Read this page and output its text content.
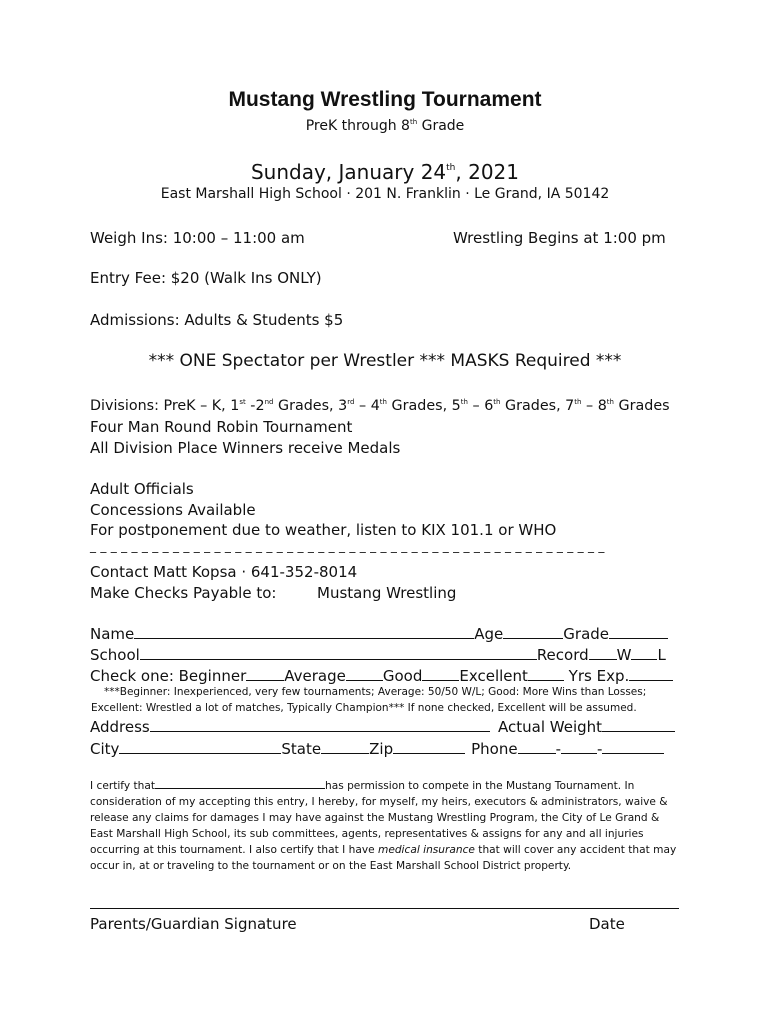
Mustang Wrestling Tournament
PreK through 8th Grade
Sunday, January 24th, 2021
East Marshall High School · 201 N. Franklin · Le Grand, IA 50142
Weigh Ins: 10:00 – 11:00 am	Wrestling Begins at 1:00 pm
Entry Fee: $20 (Walk Ins ONLY)
Admissions: Adults & Students $5
*** ONE Spectator per Wrestler *** MASKS Required ***
Divisions: PreK – K, 1st -2nd Grades, 3rd – 4th Grades, 5th – 6th Grades, 7th – 8th Grades
Four Man Round Robin Tournament
All Division Place Winners receive Medals
Adult Officials
Concessions Available
For postponement due to weather, listen to KIX 101.1 or WHO
_ _ _ _ _ _ _ _ _ _ _ _ _ _ _ _ _ _ _ _ _ _ _ _ _ _ _ _ _ _ _ _ _ _ _ _ _ _ _ _ _ _ _ _ _ _ _ _ _ _
Contact Matt Kopsa · 641-352-8014
Make Checks Payable to:	Mustang Wrestling
Name	Age	Grade
School	Record W L
Check one: Beginner	Average Good Excellent Yrs Exp.
***Beginner: Inexperienced, very few tournaments; Average: 50/50 W/L; Good: More Wins than Losses;
Excellent: Wrestled a lot of matches, Typically Champion*** If none checked, Excellent will be assumed.
Address	Actual Weight
City	State	Zip	Phone	- -
I certify that	has permission to compete in the Mustang Tournament. In consideration of my accepting this entry, I hereby, for myself, my heirs, executors & administrators, waive & release any claims for damages I may have against the Mustang Wrestling Program, the City of Le Grand & East Marshall High School, its sub committees, agents, representatives & assigns for any and all injuries occurring at this tournament. I also certify that I have medical insurance that will cover any accident that may occur in, at or traveling to the tournament or on the East Marshall School District property.
Parents/Guardian Signature	Date
